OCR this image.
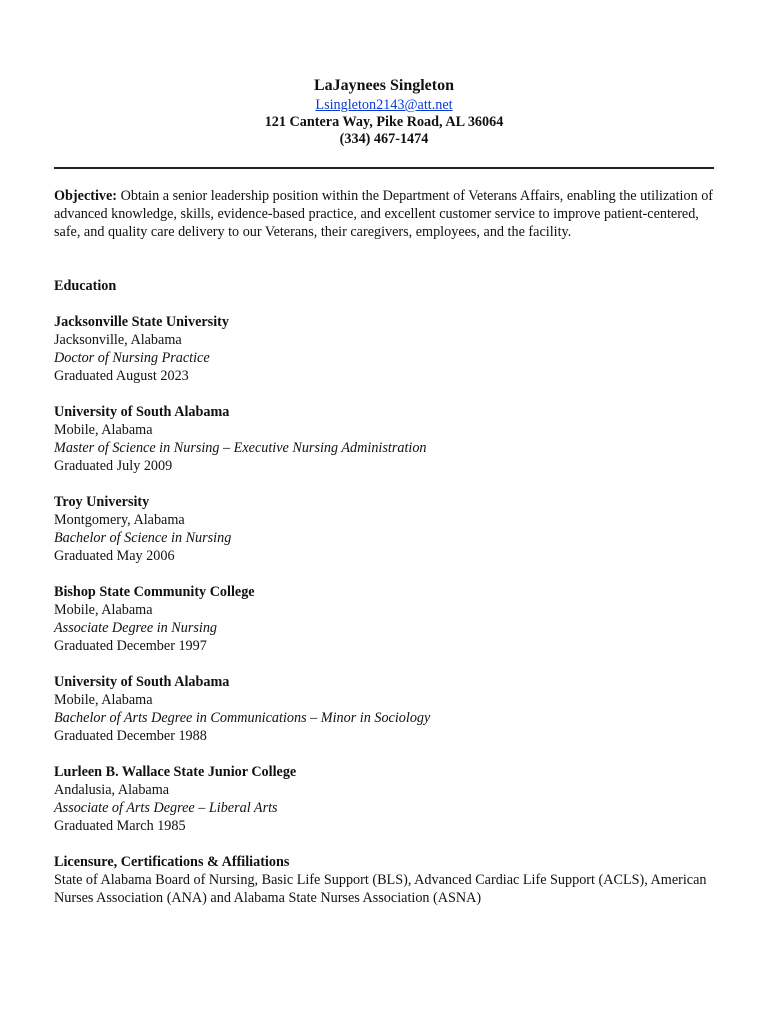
LaJaynees Singleton

Lsingleton2143@att.net

121 Cantera Way, Pike Road, AL 36064

(334) 467-1474

Objective: Obtain a senior leadership position within the Department of Veterans Affairs, enabling the utilization of advanced knowledge, skills, evidence-based practice, and excellent customer service to improve patient-centered, safe, and quality care delivery to our Veterans, their caregivers, employees, and the facility.

Education

Jacksonville State University

Jacksonville, Alabama

Doctor of Nursing Practice

Graduated August 2023

University of South Alabama

Mobile, Alabama

Master of Science in Nursing – Executive Nursing Administration

Graduated July 2009

Troy University

Montgomery, Alabama

Bachelor of Science in Nursing

Graduated May 2006

Bishop State Community College

Mobile, Alabama

Associate Degree in Nursing

Graduated December 1997

University of South Alabama

Mobile, Alabama

Bachelor of Arts Degree in Communications – Minor in Sociology

Graduated December 1988

Lurleen B. Wallace State Junior College

Andalusia, Alabama

Associate of Arts Degree – Liberal Arts

Graduated March 1985

Licensure, Certifications & Affiliations

State of Alabama Board of Nursing, Basic Life Support (BLS), Advanced Cardiac Life Support (ACLS), American Nurses Association (ANA) and Alabama State Nurses Association (ASNA)
